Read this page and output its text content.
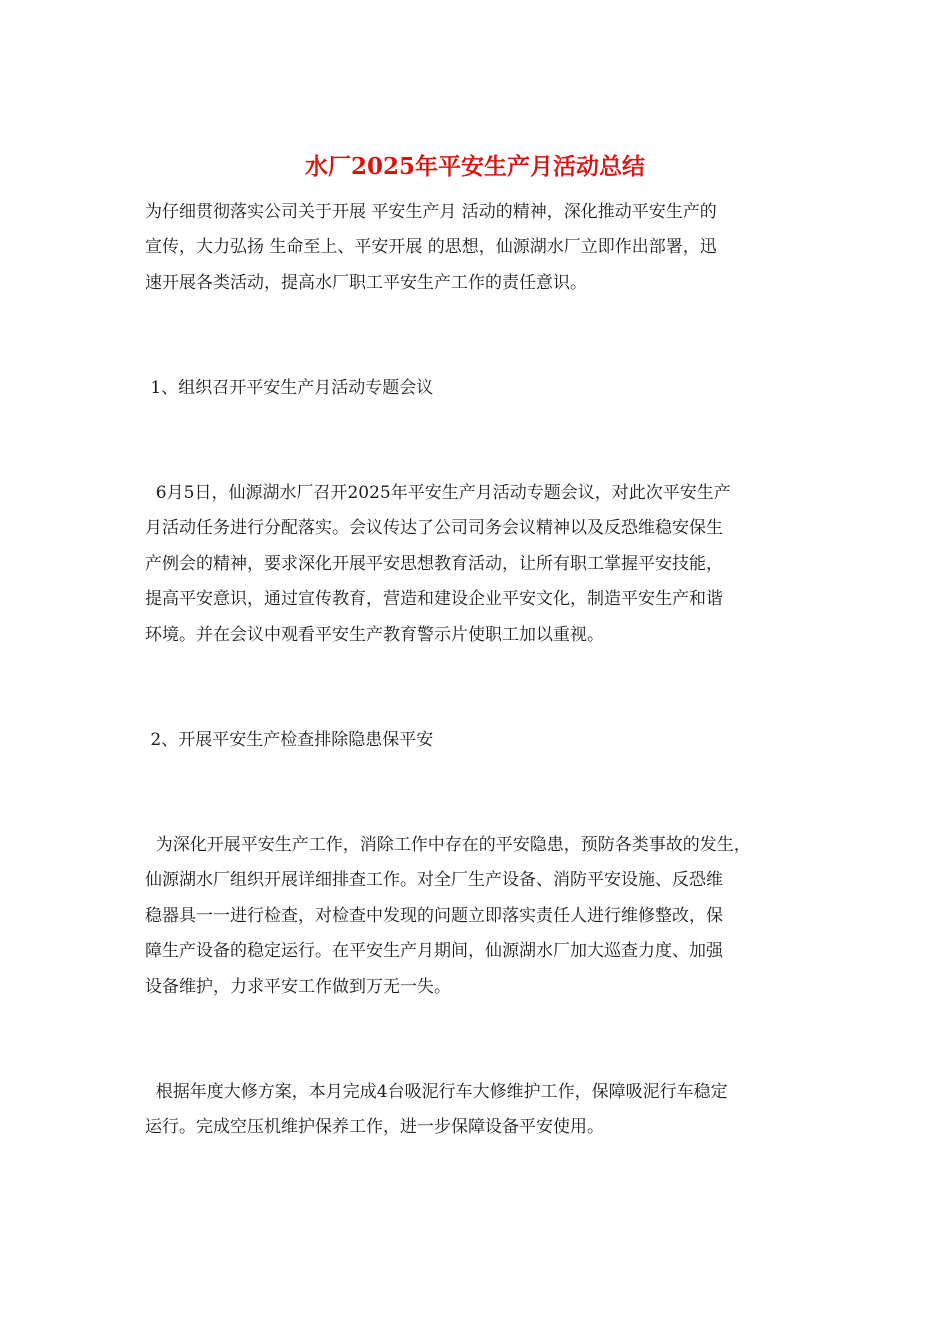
水厂2025年平安生产月活动总结
为仔细贯彻落实公司关于开展 平安生产月 活动的精神，深化推动平安生产的
宣传，大力弘扬 生命至上、平安开展 的思想，仙源湖水厂立即作出部署，迅
速开展各类活动，提高水厂职工平安生产工作的责任意识。
1、组织召开平安生产月活动专题会议
6月5日，仙源湖水厂召开2025年平安生产月活动专题会议，对此次平安生产
月活动任务进行分配落实。会议传达了公司司务会议精神以及反恐维稳安保生
产例会的精神，要求深化开展平安思想教育活动，让所有职工掌握平安技能，
提高平安意识，通过宣传教育，营造和建设企业平安文化，制造平安生产和谐
环境。并在会议中观看平安生产教育警示片使职工加以重视。
2、开展平安生产检查排除隐患保平安
为深化开展平安生产工作，消除工作中存在的平安隐患，预防各类事故的发生，
仙源湖水厂组织开展详细排查工作。对全厂生产设备、消防平安设施、反恐维
稳器具一一进行检查，对检查中发现的问题立即落实责任人进行维修整改，保
障生产设备的稳定运行。在平安生产月期间，仙源湖水厂加大巡查力度、加强
设备维护，力求平安工作做到万无一失。
根据年度大修方案，本月完成4台吸泥行车大修维护工作，保障吸泥行车稳定
运行。完成空压机维护保养工作，进一步保障设备平安使用。
